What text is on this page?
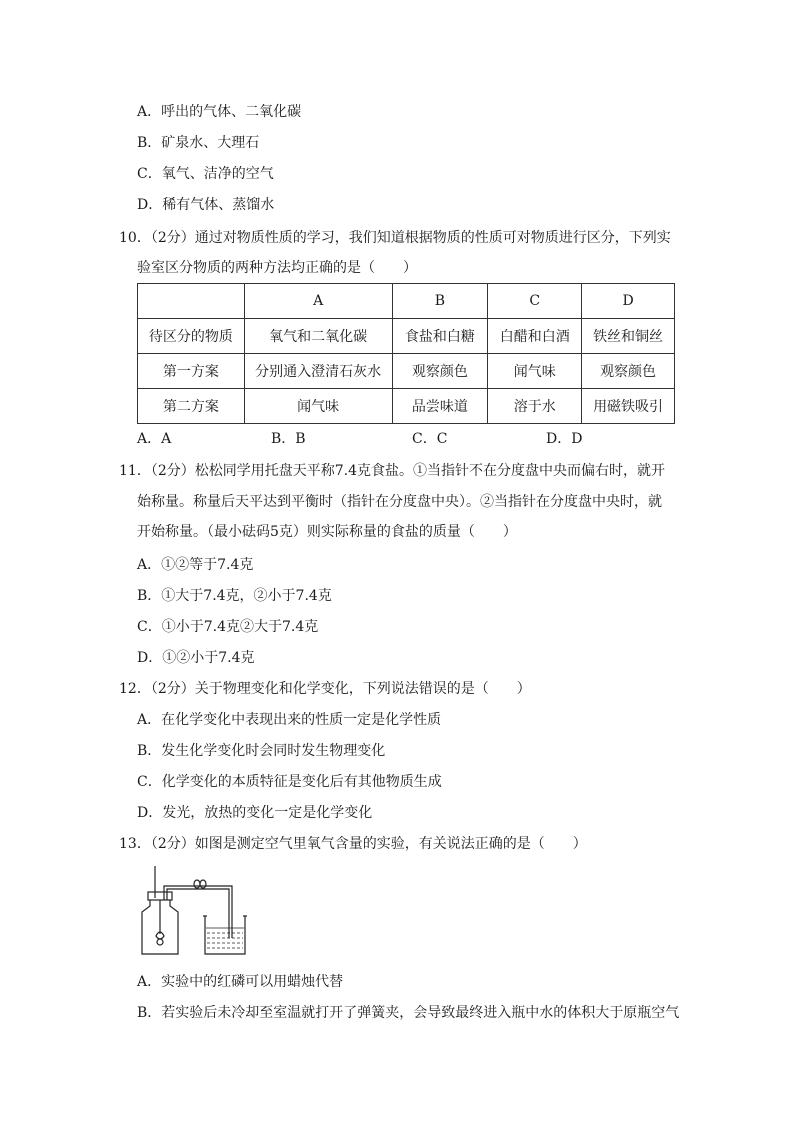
A．呼出的气体、二氧化碳
B．矿泉水、大理石
C．氧气、洁净的空气
D．稀有气体、蒸馏水
10．（2分）通过对物质性质的学习，我们知道根据物质的性质可对物质进行区分，下列实
验室区分物质的两种方法均正确的是（　　）
	A	B	C	D
待区分的物质	氧气和二氧化碳	食盐和白糖	白醋和白酒	铁丝和铜丝
第一方案	分别通入澄清石灰水	观察颜色	闻气味	观察颜色
第二方案	闻气味	品尝味道	溶于水	用磁铁吸引
A．A	B．B	C．C	D．D
11．（2分）松松同学用托盘天平称7.4克食盐。①当指针不在分度盘中央而偏右时，就开
始称量。称量后天平达到平衡时（指针在分度盘中央）。②当指针在分度盘中央时，就
开始称量。（最小砝码5克）则实际称量的食盐的质量（　　）
A．①②等于7.4克
B．①大于7.4克，②小于7.4克
C．①小于7.4克②大于7.4克
D．①②小于7.4克
12．（2分）关于物理变化和化学变化，下列说法错误的是（　　）
A．在化学变化中表现出来的性质一定是化学性质
B．发生化学变化时会同时发生物理变化
C．化学变化的本质特征是变化后有其他物质生成
D．发光，放热的变化一定是化学变化
13．（2分）如图是测定空气里氧气含量的实验，有关说法正确的是（　　）
A．实验中的红磷可以用蜡烛代替
B．若实验后未冷却至室温就打开了弹簧夹，会导致最终进入瓶中水的体积大于原瓶空气
